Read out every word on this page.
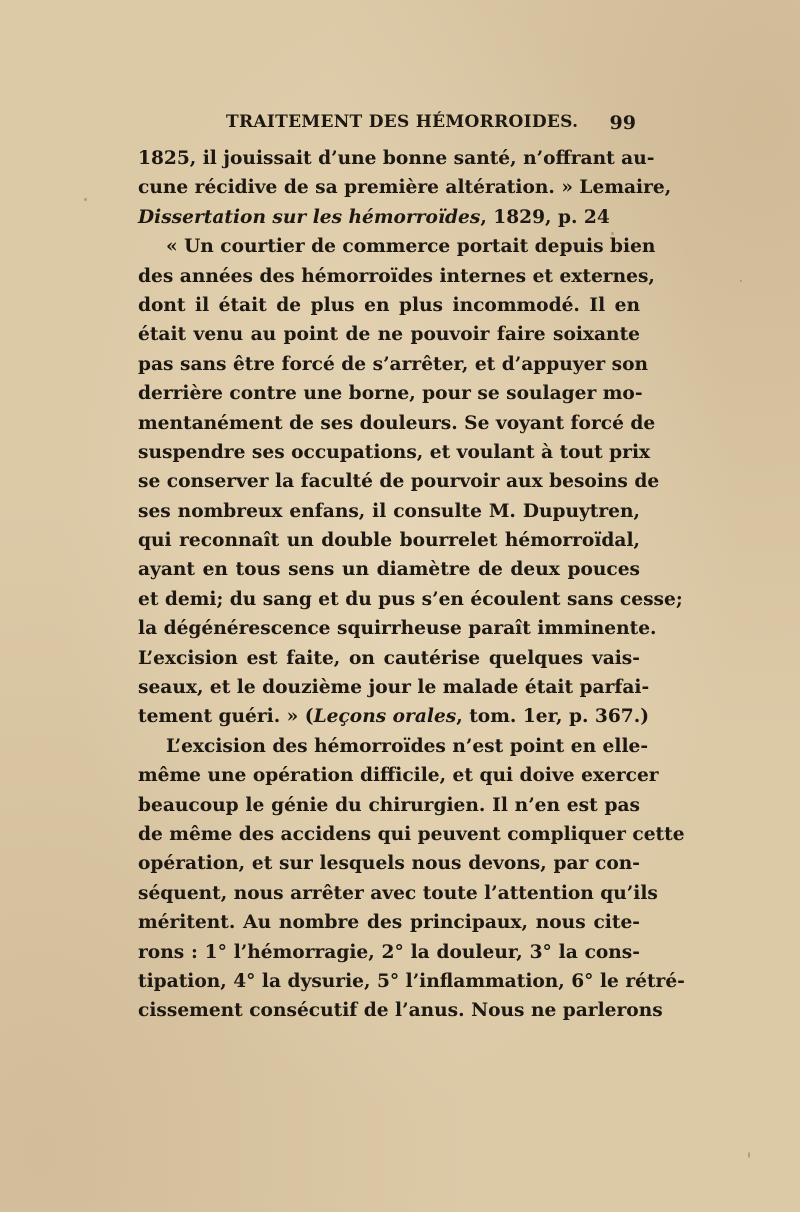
TRAITEMENT DES HÉMORROIDES. 99
1825, il jouissait d’une bonne santé, n’offrant au-
cune récidive de sa première altération. » Lemaire,
Dissertation sur les hémorroïdes, 1829, p. 24
« Un courtier de commerce portait depuis bien
des années des hémorroïdes internes et externes,
dont il était de plus en plus incommodé. Il en
était venu au point de ne pouvoir faire soixante
pas sans être forcé de s’arrêter, et d’appuyer son
derrière contre une borne, pour se soulager mo-
mentanément de ses douleurs. Se voyant forcé de
suspendre ses occupations, et voulant à tout prix
se conserver la faculté de pourvoir aux besoins de
ses nombreux enfans, il consulte M. Dupuytren,
qui reconnaît un double bourrelet hémorroïdal,
ayant en tous sens un diamètre de deux pouces
et demi; du sang et du pus s’en écoulent sans cesse;
la dégénérescence squirrheuse paraît imminente.
L’excision est faite, on cautérise quelques vais-
seaux, et le douzième jour le malade était parfai-
tement guéri. » (Leçons orales, tom. 1er, p. 367.)
L’excision des hémorroïdes n’est point en elle-
même une opération difficile, et qui doive exercer
beaucoup le génie du chirurgien. Il n’en est pas
de même des accidens qui peuvent compliquer cette
opération, et sur lesquels nous devons, par con-
séquent, nous arrêter avec toute l’attention qu’ils
méritent. Au nombre des principaux, nous cite-
rons : 1° l’hémorragie, 2° la douleur, 3° la cons-
tipation, 4° la dysurie, 5° l’inflammation, 6° le rétré-
cissement consécutif de l’anus. Nous ne parlerons
